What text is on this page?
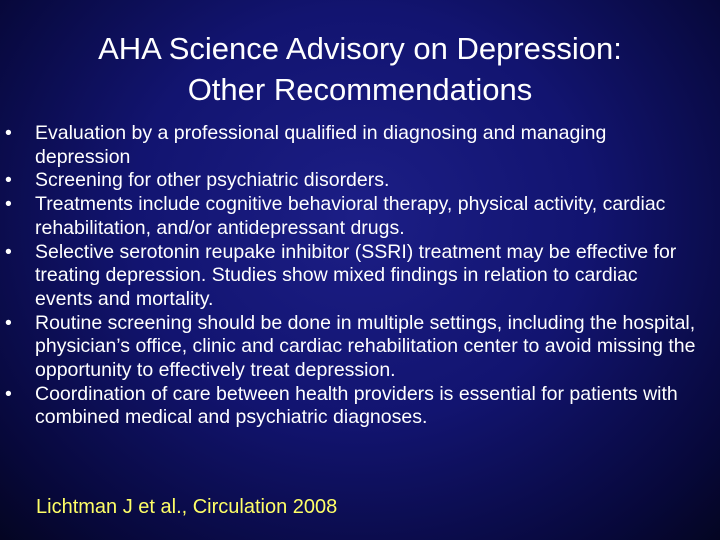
AHA Science Advisory on Depression:
Other Recommendations
•	Evaluation by a professional qualified in diagnosing and managing depression
•	Screening for other psychiatric disorders.
•	Treatments include cognitive behavioral therapy, physical activity, cardiac rehabilitation, and/or antidepressant drugs.
•	Selective serotonin reupake inhibitor (SSRI) treatment may be effective for treating depression. Studies show mixed findings in relation to cardiac events and mortality.
•	Routine screening should be done in multiple settings, including the hospital, physician’s office, clinic and cardiac rehabilitation center to avoid missing the opportunity to effectively treat depression.
•	Coordination of care between health providers is essential for patients with combined medical and psychiatric diagnoses.

Lichtman J et al., Circulation 2008
